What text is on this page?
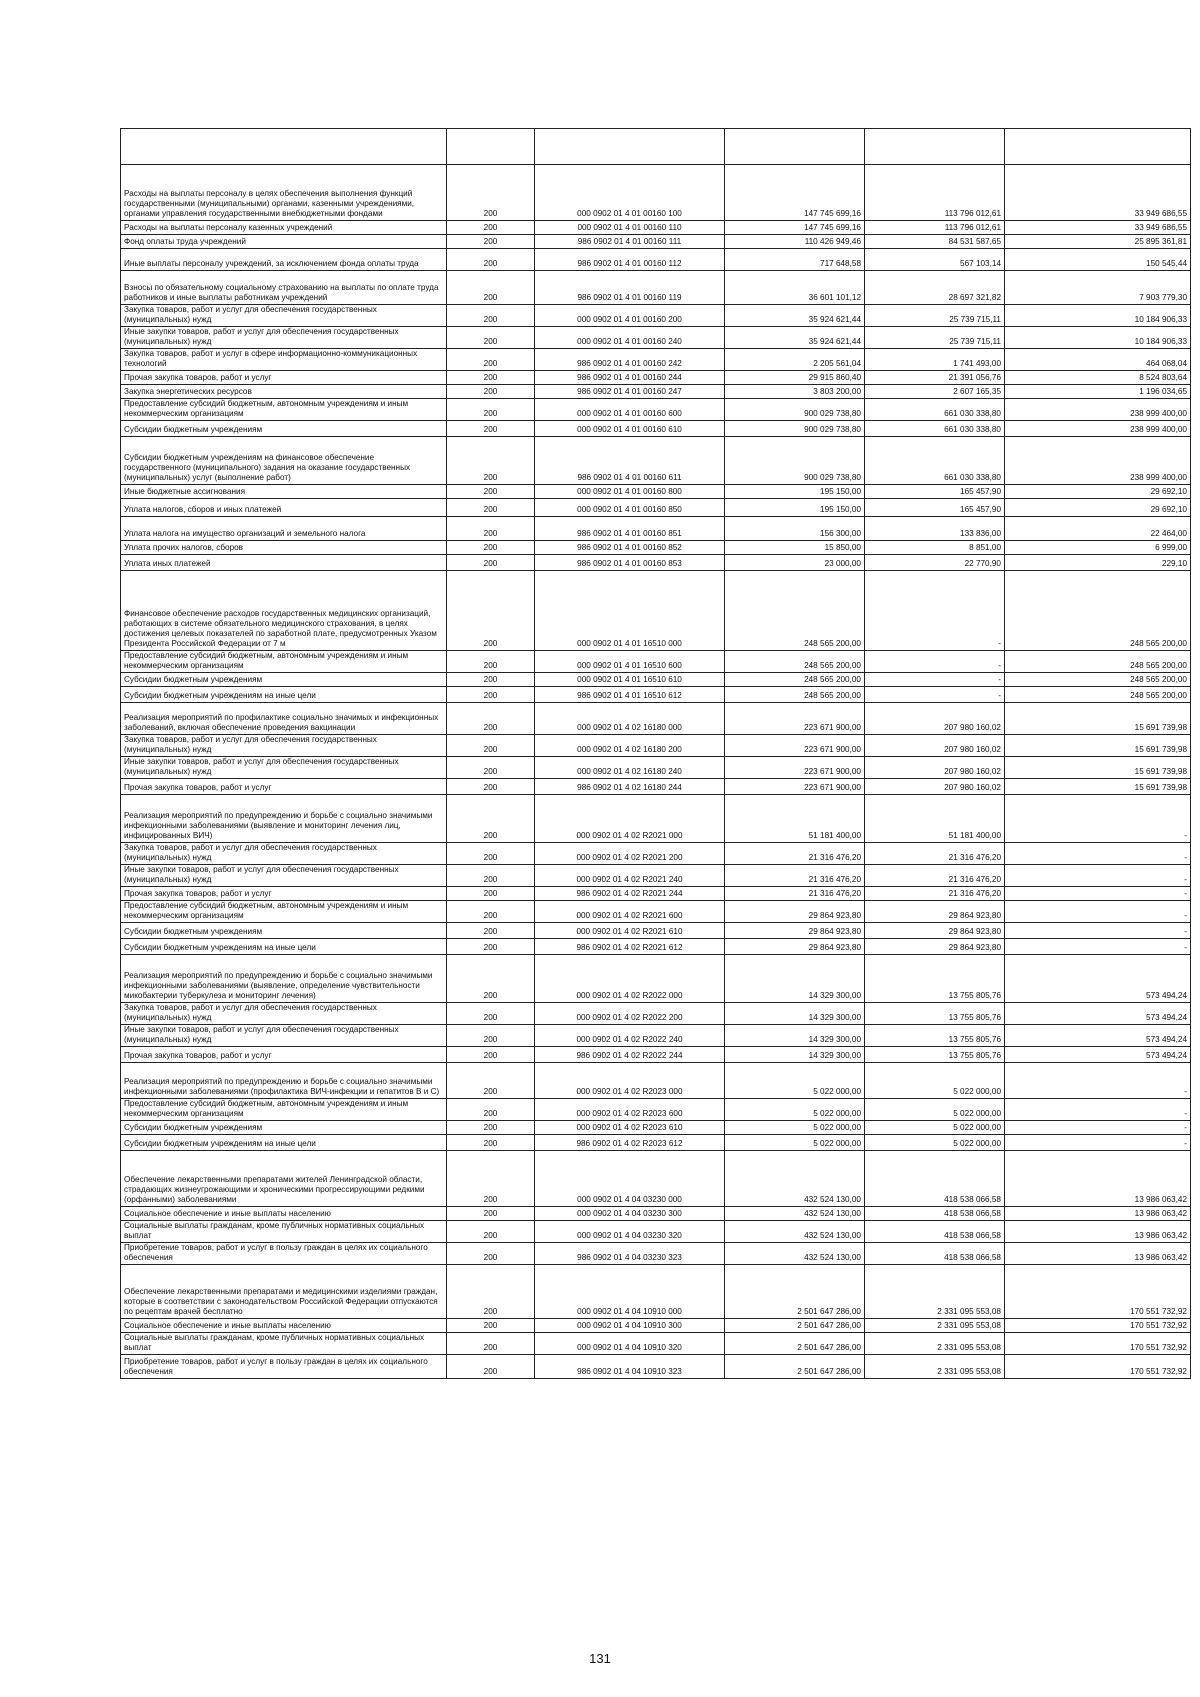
Расходы на выплаты персоналу в целях обеспечения выполнения функций государственными (муниципальными) органами, казенными учреждениями, органами управления государственными внебюджетными фондами	200	000 0902 01 4 01 00160 100	147 745 699,16	113 796 012,61	33 949 686,55
Расходы на выплаты персоналу казенных учреждений	200	000 0902 01 4 01 00160 110	147 745 699,16	113 796 012,61	33 949 686,55
Фонд оплаты труда учреждений	200	986 0902 01 4 01 00160 111	110 426 949,46	84 531 587,65	25 895 361,81
Иные выплаты персоналу учреждений, за исключением фонда оплаты труда	200	986 0902 01 4 01 00160 112	717 648,58	567 103,14	150 545,44
Взносы по обязательному социальному страхованию на выплаты по оплате труда работников и иные выплаты работникам учреждений	200	986 0902 01 4 01 00160 119	36 601 101,12	28 697 321,82	7 903 779,30
Закупка товаров, работ и услуг для обеспечения государственных (муниципальных) нужд	200	000 0902 01 4 01 00160 200	35 924 621,44	25 739 715,11	10 184 906,33
Иные закупки товаров, работ и услуг для обеспечения государственных (муниципальных) нужд	200	000 0902 01 4 01 00160 240	35 924 621,44	25 739 715,11	10 184 906,33
Закупка товаров, работ и услуг в сфере информационно-коммуникационных технологий	200	986 0902 01 4 01 00160 242	2 205 561,04	1 741 493,00	464 068,04
Прочая закупка товаров, работ и услуг	200	986 0902 01 4 01 00160 244	29 915 860,40	21 391 056,76	8 524 803,64
Закупка энергетических ресурсов	200	986 0902 01 4 01 00160 247	3 803 200,00	2 607 165,35	1 196 034,65
Предоставление субсидий бюджетным, автономным учреждениям и иным некоммерческим организациям	200	000 0902 01 4 01 00160 600	900 029 738,80	661 030 338,80	238 999 400,00
Субсидии бюджетным учреждениям	200	000 0902 01 4 01 00160 610	900 029 738,80	661 030 338,80	238 999 400,00
Субсидии бюджетным учреждениям на финансовое обеспечение государственного (муниципального) задания на оказание государственных (муниципальных) услуг (выполнение работ)	200	986 0902 01 4 01 00160 611	900 029 738,80	661 030 338,80	238 999 400,00
Иные бюджетные ассигнования	200	000 0902 01 4 01 00160 800	195 150,00	165 457,90	29 692,10
Уплата налогов, сборов и иных платежей	200	000 0902 01 4 01 00160 850	195 150,00	165 457,90	29 692,10
Уплата налога на имущество организаций и земельного налога	200	986 0902 01 4 01 00160 851	156 300,00	133 836,00	22 464,00
Уплата прочих налогов, сборов	200	986 0902 01 4 01 00160 852	15 850,00	8 851,00	6 999,00
Уплата иных платежей	200	986 0902 01 4 01 00160 853	23 000,00	22 770,90	229,10
Финансовое обеспечение расходов государственных медицинских организаций, работающих в системе обязательного медицинского страхования, в целях достижения целевых показателей по заработной плате, предусмотренных Указом Президента Российской Федерации от 7 м	200	000 0902 01 4 01 16510 000	248 565 200,00	-	248 565 200,00
Предоставление субсидий бюджетным, автономным учреждениям и иным некоммерческим организациям	200	000 0902 01 4 01 16510 600	248 565 200,00	-	248 565 200,00
Субсидии бюджетным учреждениям	200	000 0902 01 4 01 16510 610	248 565 200,00	-	248 565 200,00
Субсидии бюджетным учреждениям на иные цели	200	986 0902 01 4 01 16510 612	248 565 200,00	-	248 565 200,00
Реализация мероприятий по профилактике социально значимых и инфекционных заболеваний, включая обеспечение проведения вакцинации	200	000 0902 01 4 02 16180 000	223 671 900,00	207 980 160,02	15 691 739,98
Закупка товаров, работ и услуг для обеспечения государственных (муниципальных) нужд	200	000 0902 01 4 02 16180 200	223 671 900,00	207 980 160,02	15 691 739,98
Иные закупки товаров, работ и услуг для обеспечения государственных (муниципальных) нужд	200	000 0902 01 4 02 16180 240	223 671 900,00	207 980 160,02	15 691 739,98
Прочая закупка товаров, работ и услуг	200	986 0902 01 4 02 16180 244	223 671 900,00	207 980 160,02	15 691 739,98
Реализация мероприятий по предупреждению и борьбе с социально значимыми инфекционными заболеваниями (выявление и мониторинг лечения лиц, инфицированных ВИЧ)	200	000 0902 01 4 02 R2021 000	51 181 400,00	51 181 400,00	-
Закупка товаров, работ и услуг для обеспечения государственных (муниципальных) нужд	200	000 0902 01 4 02 R2021 200	21 316 476,20	21 316 476,20	-
Иные закупки товаров, работ и услуг для обеспечения государственных (муниципальных) нужд	200	000 0902 01 4 02 R2021 240	21 316 476,20	21 316 476,20	-
Прочая закупка товаров, работ и услуг	200	986 0902 01 4 02 R2021 244	21 316 476,20	21 316 476,20	-
Предоставление субсидий бюджетным, автономным учреждениям и иным некоммерческим организациям	200	000 0902 01 4 02 R2021 600	29 864 923,80	29 864 923,80	-
Субсидии бюджетным учреждениям	200	000 0902 01 4 02 R2021 610	29 864 923,80	29 864 923,80	-
Субсидии бюджетным учреждениям на иные цели	200	986 0902 01 4 02 R2021 612	29 864 923,80	29 864 923,80	-
Реализация мероприятий по предупреждению и борьбе с социально значимыми инфекционными заболеваниями (выявление, определение чувствительности микобактерии туберкулеза и мониторинг лечения)	200	000 0902 01 4 02 R2022 000	14 329 300,00	13 755 805,76	573 494,24
Закупка товаров, работ и услуг для обеспечения государственных (муниципальных) нужд	200	000 0902 01 4 02 R2022 200	14 329 300,00	13 755 805,76	573 494,24
Иные закупки товаров, работ и услуг для обеспечения государственных (муниципальных) нужд	200	000 0902 01 4 02 R2022 240	14 329 300,00	13 755 805,76	573 494,24
Прочая закупка товаров, работ и услуг	200	986 0902 01 4 02 R2022 244	14 329 300,00	13 755 805,76	573 494,24
Реализация мероприятий по предупреждению и борьбе с социально значимыми инфекционными заболеваниями (профилактика ВИЧ-инфекции и гепатитов В и С)	200	000 0902 01 4 02 R2023 000	5 022 000,00	5 022 000,00	-
Предоставление субсидий бюджетным, автономным учреждениям и иным некоммерческим организациям	200	000 0902 01 4 02 R2023 600	5 022 000,00	5 022 000,00	-
Субсидии бюджетным учреждениям	200	000 0902 01 4 02 R2023 610	5 022 000,00	5 022 000,00	-
Субсидии бюджетным учреждениям на иные цели	200	986 0902 01 4 02 R2023 612	5 022 000,00	5 022 000,00	-
Обеспечение лекарственными препаратами жителей Ленинградской области, страдающих жизнеугрожающими и хроническими прогрессирующими редкими (орфанными) заболеваниями	200	000 0902 01 4 04 03230 000	432 524 130,00	418 538 066,58	13 986 063,42
Социальное обеспечение и иные выплаты населению	200	000 0902 01 4 04 03230 300	432 524 130,00	418 538 066,58	13 986 063,42
Социальные выплаты гражданам, кроме публичных нормативных социальных выплат	200	000 0902 01 4 04 03230 320	432 524 130,00	418 538 066,58	13 986 063,42
Приобретение товаров, работ и услуг в пользу граждан в целях их социального обеспечения	200	986 0902 01 4 04 03230 323	432 524 130,00	418 538 066,58	13 986 063,42
Обеспечение лекарственными препаратами и медицинскими изделиями граждан, которые в соответствии с законодательством Российской Федерации отпускаются по рецептам врачей бесплатно	200	000 0902 01 4 04 10910 000	2 501 647 286,00	2 331 095 553,08	170 551 732,92
Социальное обеспечение и иные выплаты населению	200	000 0902 01 4 04 10910 300	2 501 647 286,00	2 331 095 553,08	170 551 732,92
Социальные выплаты гражданам, кроме публичных нормативных социальных выплат	200	000 0902 01 4 04 10910 320	2 501 647 286,00	2 331 095 553,08	170 551 732,92
Приобретение товаров, работ и услуг в пользу граждан в целях их социального обеспечения	200	986 0902 01 4 04 10910 323	2 501 647 286,00	2 331 095 553,08	170 551 732,92
131
